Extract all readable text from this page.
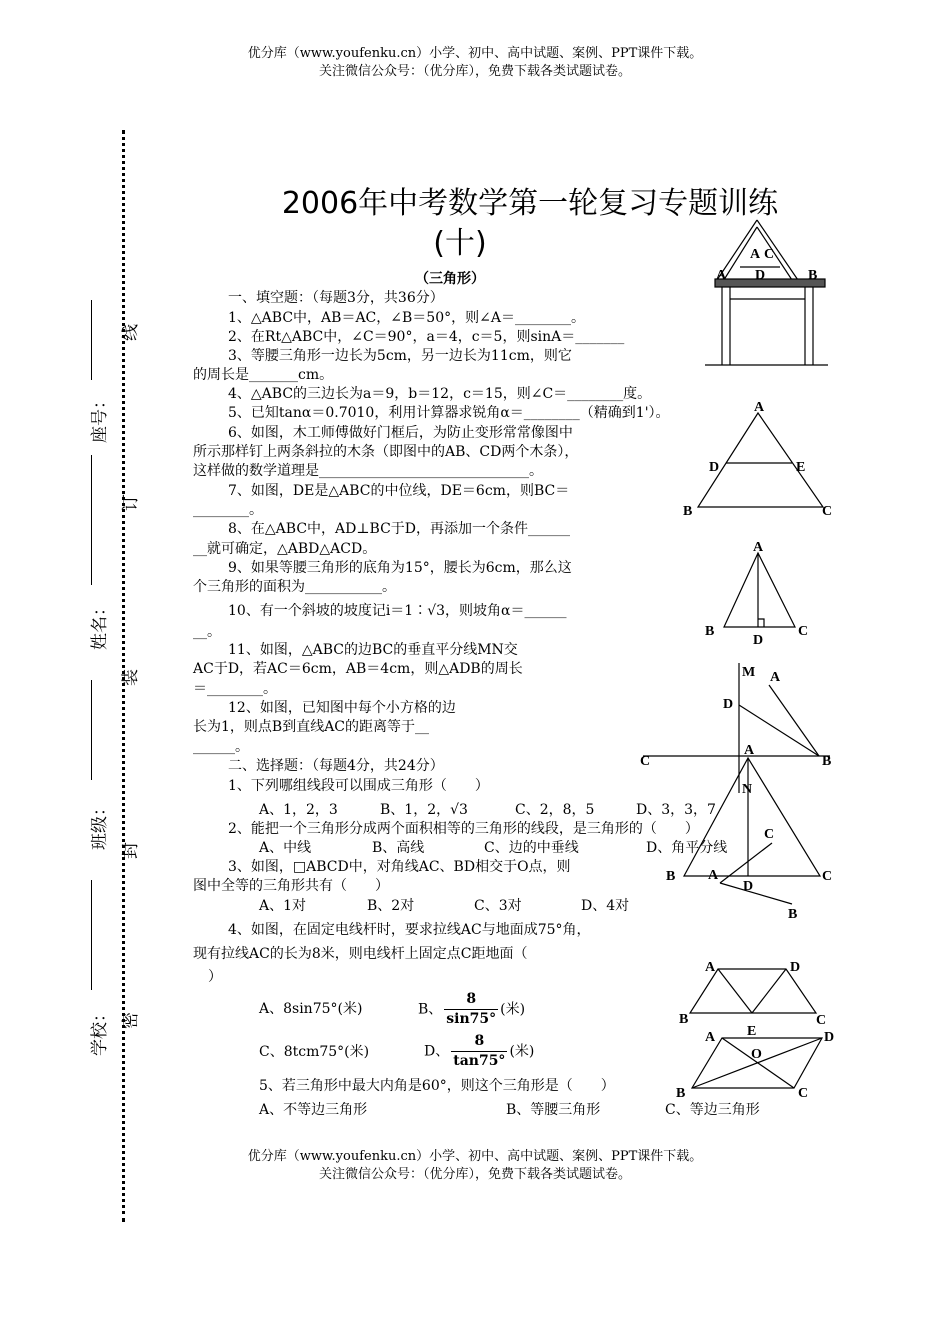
优分库（www.youfenku.cn）小学、初中、高中试题、案例、PPT课件下载。
关注微信公众号：（优分库），免费下载各类试题试卷。
优分库（www.youfenku.cn）小学、初中、高中试题、案例、PPT课件下载。
关注微信公众号：（优分库），免费下载各类试题试卷。
座号：
姓名：
班级：
学校：
线
订
装
封
密
2006年中考数学第一轮复习专题训练
(十)
（三角形）
一、填空题：（每题3分，共36分）
1、△ABC中，AB＝AC，∠B＝50°，则∠A＝________。
2、在Rt△ABC中，∠C＝90°，a＝4，c＝5，则sinA＝_______
3、等腰三角形一边长为5cm，另一边长为11cm，则它
的周长是_______cm。
4、△ABC的三边长为a＝9，b＝12，c＝15，则∠C＝________度。
5、已知tanα＝0.7010，利用计算器求锐角α＝________（精确到1'）。
6、如图，木工师傅做好门框后，为防止变形常常像图中
所示那样钉上两条斜拉的木条（即图中的AB、CD两个木条），
这样做的数学道理是______________________________。
7、如图，DE是△ABC的中位线，DE＝6cm，则BC＝
________。
8、在△ABC中，AD⊥BC于D，再添加一个条件______
__就可确定，△ABD△ACD。
9、如果等腰三角形的底角为15°，腰长为6cm，那么这
个三角形的面积为___________。
10、有一个斜坡的坡度记i＝1∶√3，则坡角α＝______
__。
11、如图，△ABC的边BC的垂直平分线MN交
AC于D，若AC＝6cm，AB＝4cm，则△ADB的周长
＝________。
12、如图，已知图中每个小方格的边
长为1，则点B到直线AC的距离等于__
______。
二、选择题：（每题4分，共24分）
1、下列哪组线段可以围成三角形（　　）
A、1，2，3	B、1，2，√3	C、2，8，5	D、3，3，7
2、能把一个三角形分成两个面积相等的三角形的线段，是三角形的（　　）
A、中线	B、高线	C、边的中垂线	D、角平分线
3、如图，□ABCD中，对角线AC、BD相交于O点，则
图中全等的三角形共有（　　）
A、1对	B、2对	C、3对	D、4对
4、如图，在固定电线杆时，要求拉线AC与地面成75°角，
现有拉线AC的长为8米，则电线杆上固定点C距地面（
）
A、8sin75°(米)	B、 $\frac{8}{\sin 75^\circ}$ (米)
C、8tcm75°(米)	D、 $\frac{8}{\tan 75^\circ}$ (米)
5、若三角形中最大内角是60°，则这个三角形是（　　）
A、不等边三角形	B、等腰三角形	C、等边三角形
A C
A D	B
A
D	E
B	C
A
B
D
C
M A
D
C	B
N
A
C
B	C
A
D
B
A	D
B
E
C
A	D
O
B	C
